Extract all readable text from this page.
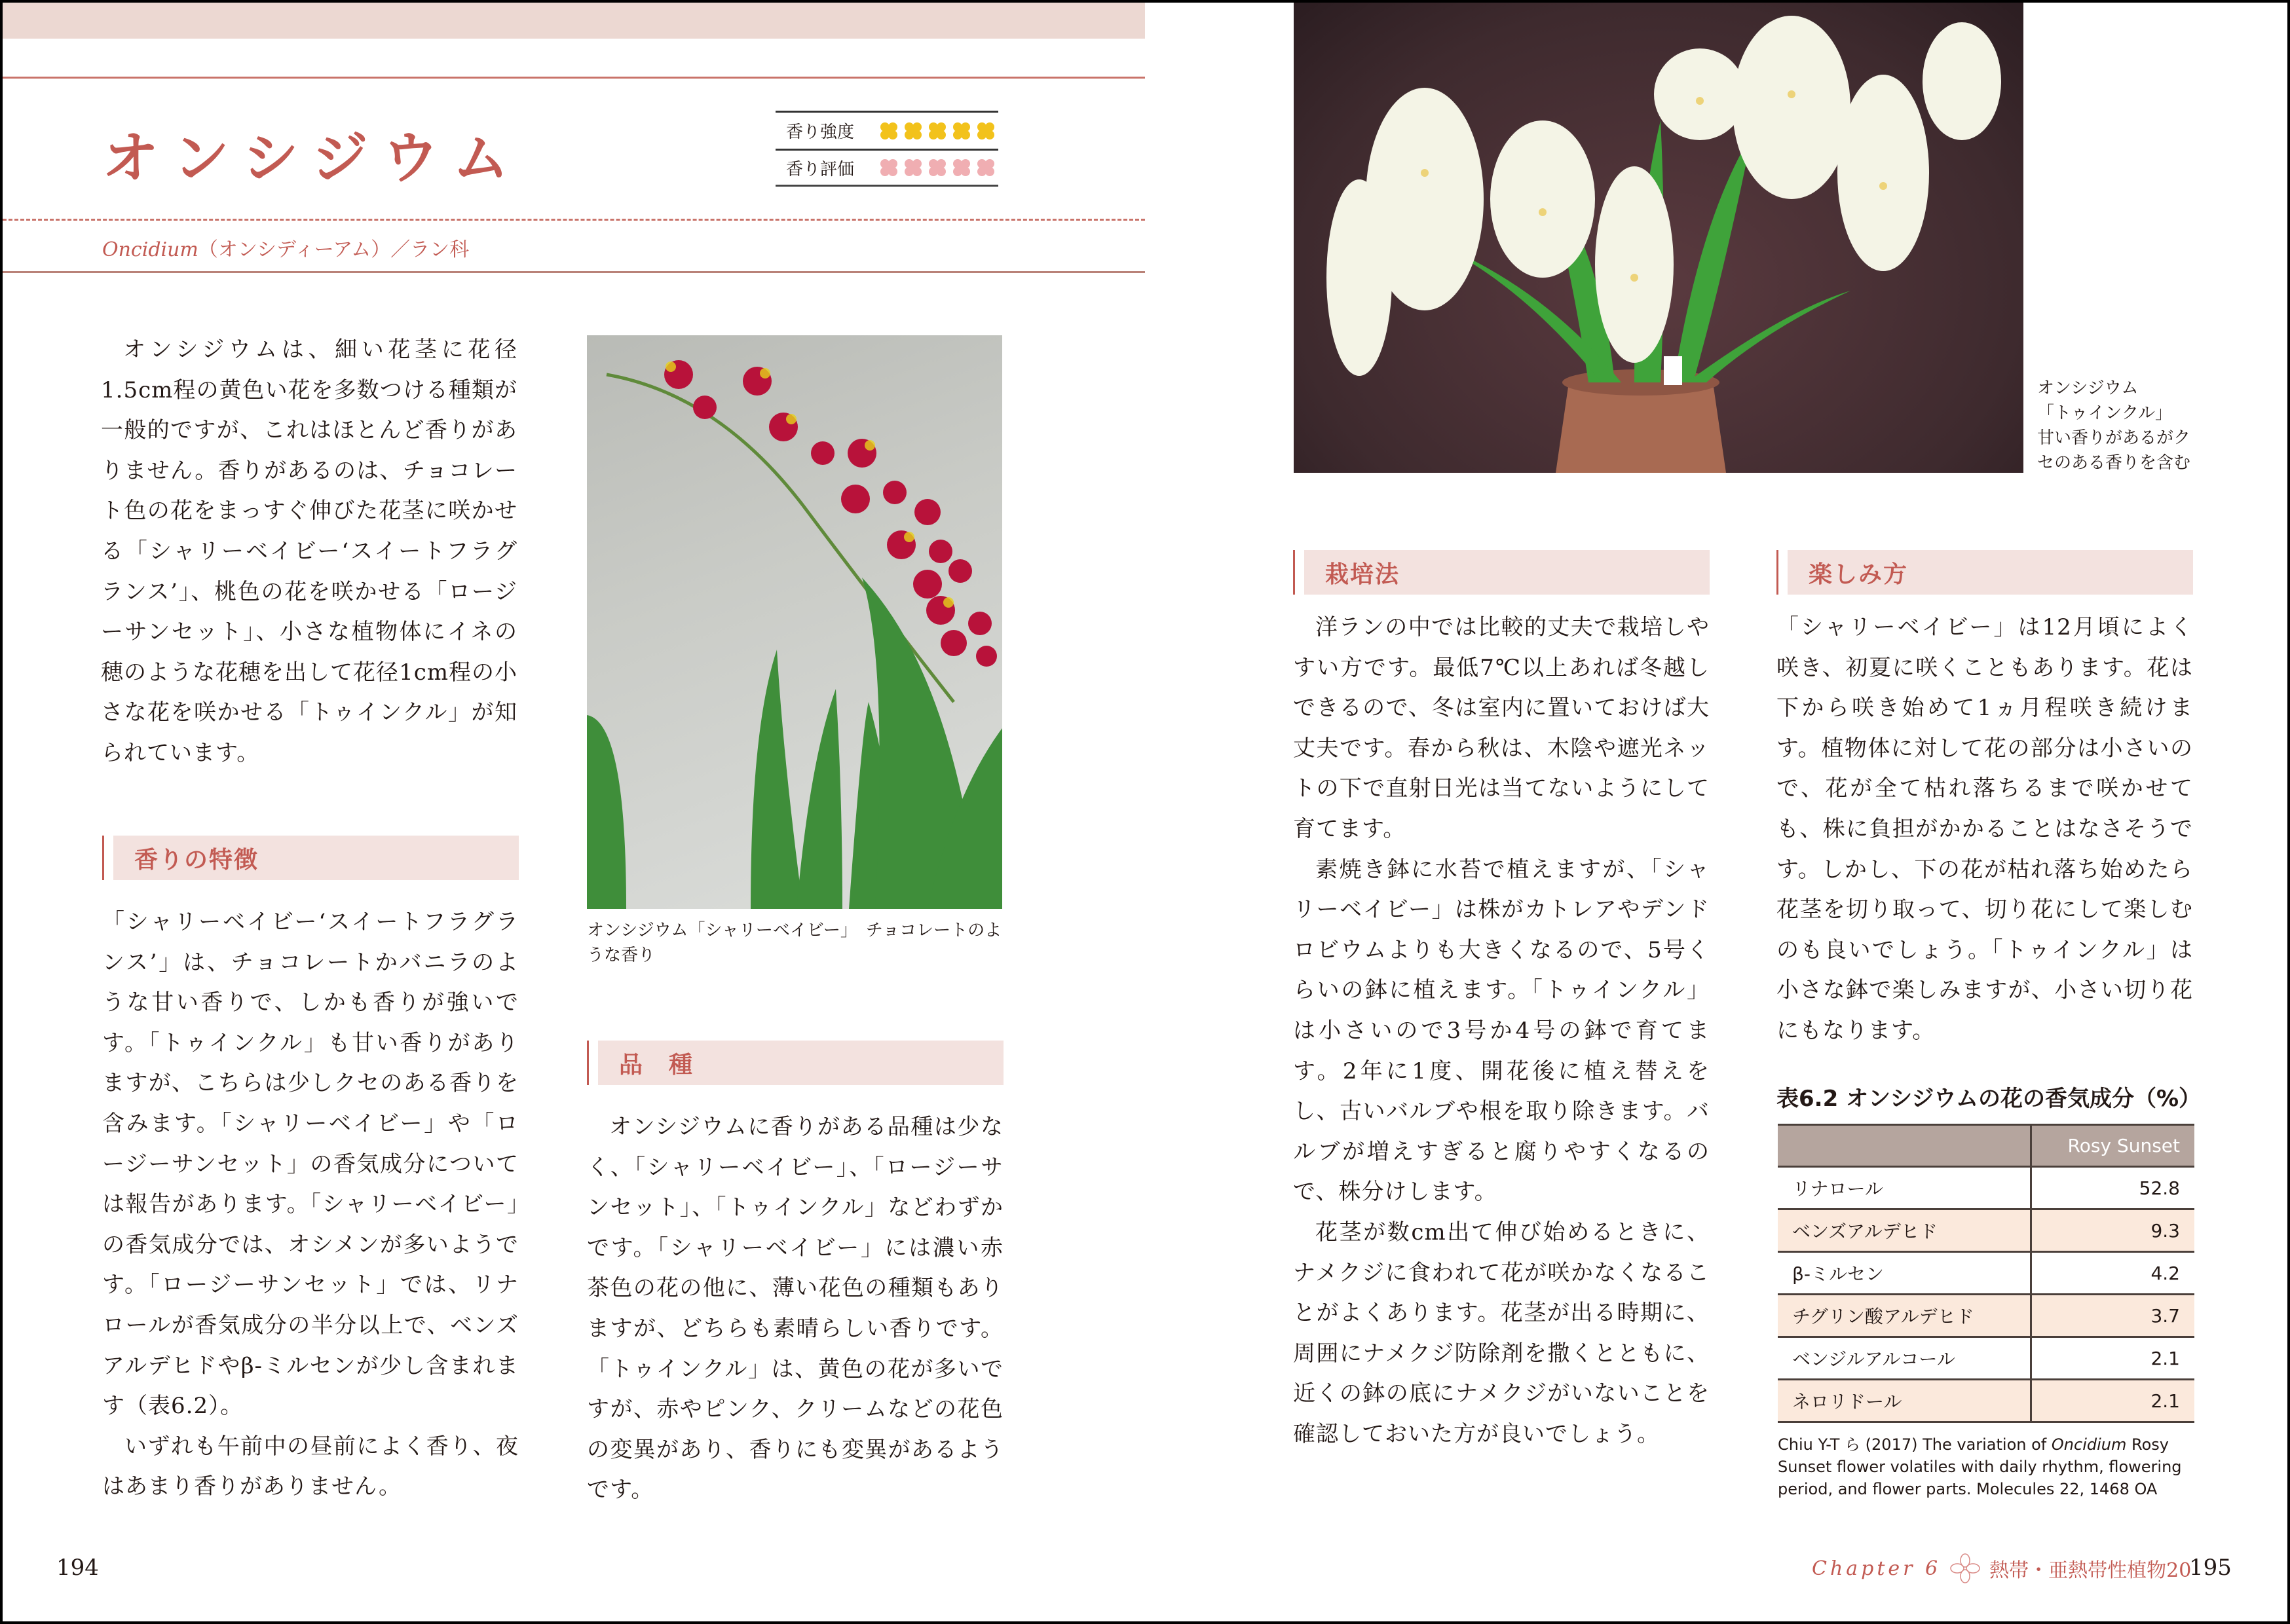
オンシジウム
Oncidium（オンシディーアム）／ラン科
香り強度
香り評価

オンシジウムは、細い花茎に花径1.5cm程の黄色い花を多数つける種類が一般的ですが、これはほとんど香りがありません。香りがあるのは、チョコレート色の花をまっすぐ伸びた花茎に咲かせる「シャリーベイビー‘スイートフラグランス’」、桃色の花を咲かせる「ロージーサンセット」、小さな植物体にイネの穂のような花穂を出して花径1cm程の小さな花を咲かせる「トゥインクル」が知られています。

香りの特徴

「シャリーベイビー‘スイートフラグランス’」は、チョコレートかバニラのような甘い香りで、しかも香りが強いです。「トゥインクル」も甘い香りがありますが、こちらは少しクセのある香りを含みます。「シャリーベイビー」や「ロージーサンセット」の香気成分については報告があります。「シャリーベイビー」の香気成分では、オシメンが多いようです。「ロージーサンセット」では、リナロールが香気成分の半分以上で、ベンズアルデヒドやβ-ミルセンが少し含まれます（表6.2）。

いずれも午前中の昼前によく香り、夜はあまり香りがありません。

オンシジウム「シャリーベイビー」　チョコレートのような香り
品　種

オンシジウムに香りがある品種は少なく、「シャリーベイビー」、「ロージーサンセット」、「トゥインクル」などわずかです。「シャリーベイビー」には濃い赤茶色の花の他に、薄い花色の種類もありますが、どちらも素晴らしい香りです。「トゥインクル」は、黄色の花が多いですが、赤やピンク、クリームなどの花色の変異があり、香りにも変異があるようです。

194
オンシジウム
「トゥインクル」
甘い香りがあるがク
セのある香りを含む
栽培法

洋ランの中では比較的丈夫で栽培しやすい方です。最低7℃以上あれば冬越しできるので、冬は室内に置いておけば大丈夫です。春から秋は、木陰や遮光ネットの下で直射日光は当てないようにして育てます。

素焼き鉢に水苔で植えますが、「シャリーベイビー」は株がカトレアやデンドロビウムよりも大きくなるので、5号くらいの鉢に植えます。「トゥインクル」は小さいので3号か4号の鉢で育てます。2年に1度、開花後に植え替えをし、古いバルブや根を取り除きます。バルブが増えすぎると腐りやすくなるので、株分けします。

花茎が数cm出て伸び始めるときに、ナメクジに食われて花が咲かなくなることがよくあります。花茎が出る時期に、周囲にナメクジ防除剤を撒くとともに、近くの鉢の底にナメクジがいないことを確認しておいた方が良いでしょう。

楽しみ方

「シャリーベイビー」は12月頃によく咲き、初夏に咲くこともあります。花は下から咲き始めて1ヵ月程咲き続けます。植物体に対して花の部分は小さいので、花が全て枯れ落ちるまで咲かせても、株に負担がかかることはなさそうです。しかし、下の花が枯れ落ち始めたら花茎を切り取って、切り花にして楽しむのも良いでしょう。「トゥインクル」は小さな鉢で楽しみますが、小さい切り花にもなります。

表6.2 オンシジウムの花の香気成分（%）
	Rosy Sunset
リナロール	52.8
ベンズアルデヒド	9.3
β-ミルセン	4.2
チグリン酸アルデヒド	3.7
ベンジルアルコール	2.1
ネロリドール	2.1
Chiu Y-T ら (2017) The variation of Oncidium Rosy Sunset flower volatiles with daily rhythm, flowering period, and flower parts. Molecules 22, 1468 OA
Chapter 6 熱帯・亜熱帯性植物20
195
